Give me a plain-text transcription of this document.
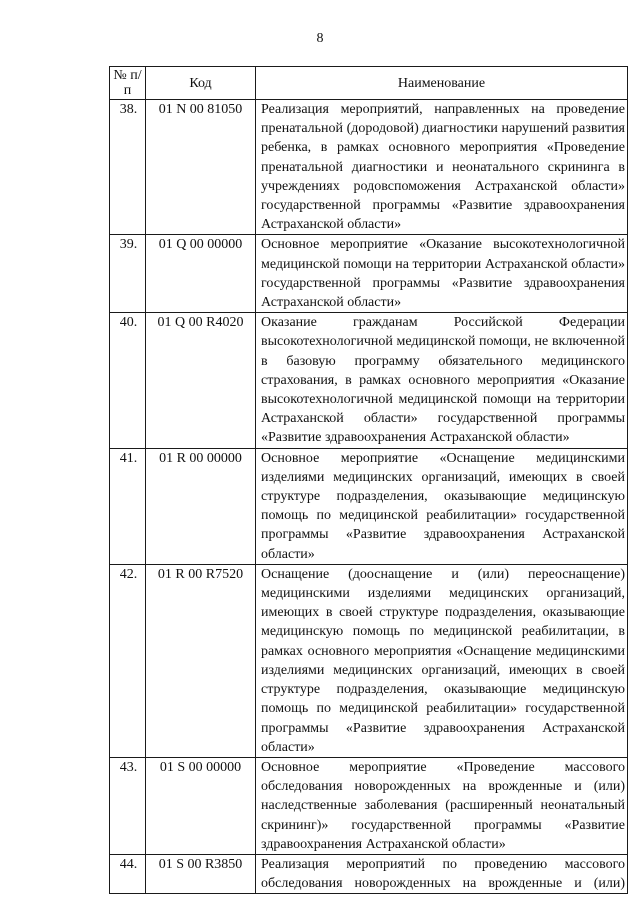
8
№ п/п	Код	Наименование
38.	01 N 00 81050	Реализация мероприятий, направленных на проведение пренатальной (дородовой) диагностики нарушений развития ребенка, в рамках основного мероприятия «Проведение пренатальной диагностики и неонатального скрининга в учреждениях родовспоможения Астраханской области» государственной программы «Развитие здравоохранения Астраханской области»
39.	01 Q 00 00000	Основное мероприятие «Оказание высокотехнологичной медицинской помощи на территории Астраханской области» государственной программы «Развитие здравоохранения Астраханской области»
40.	01 Q 00 R4020	Оказание гражданам Российской Федерации высокотехнологичной медицинской помощи, не включенной в базовую программу обязательного медицинского страхования, в рамках основного мероприятия «Оказание высокотехнологичной медицинской помощи на территории Астраханской области» государственной программы «Развитие здравоохранения Астраханской области»
41.	01 R 00 00000	Основное мероприятие «Оснащение медицинскими изделиями медицинских организаций, имеющих в своей структуре подразделения, оказывающие медицинскую помощь по медицинской реабилитации» государственной программы «Развитие здравоохранения Астраханской области»
42.	01 R 00 R7520	Оснащение (дооснащение и (или) переоснащение) медицинскими изделиями медицинских организаций, имеющих в своей структуре подразделения, оказывающие медицинскую помощь по медицинской реабилитации, в рамках основного мероприятия «Оснащение медицинскими изделиями медицинских организаций, имеющих в своей структуре подразделения, оказывающие медицинскую помощь по медицинской реабилитации» государственной программы «Развитие здравоохранения Астраханской области»
43.	01 S 00 00000	Основное мероприятие «Проведение массового обследования новорожденных на врожденные и (или) наследственные заболевания (расширенный неонатальный скрининг)» государственной программы «Развитие здравоохранения Астраханской области»
44.	01 S 00 R3850	Реализация мероприятий по проведению массового обследования новорожденных на врожденные и (или)
